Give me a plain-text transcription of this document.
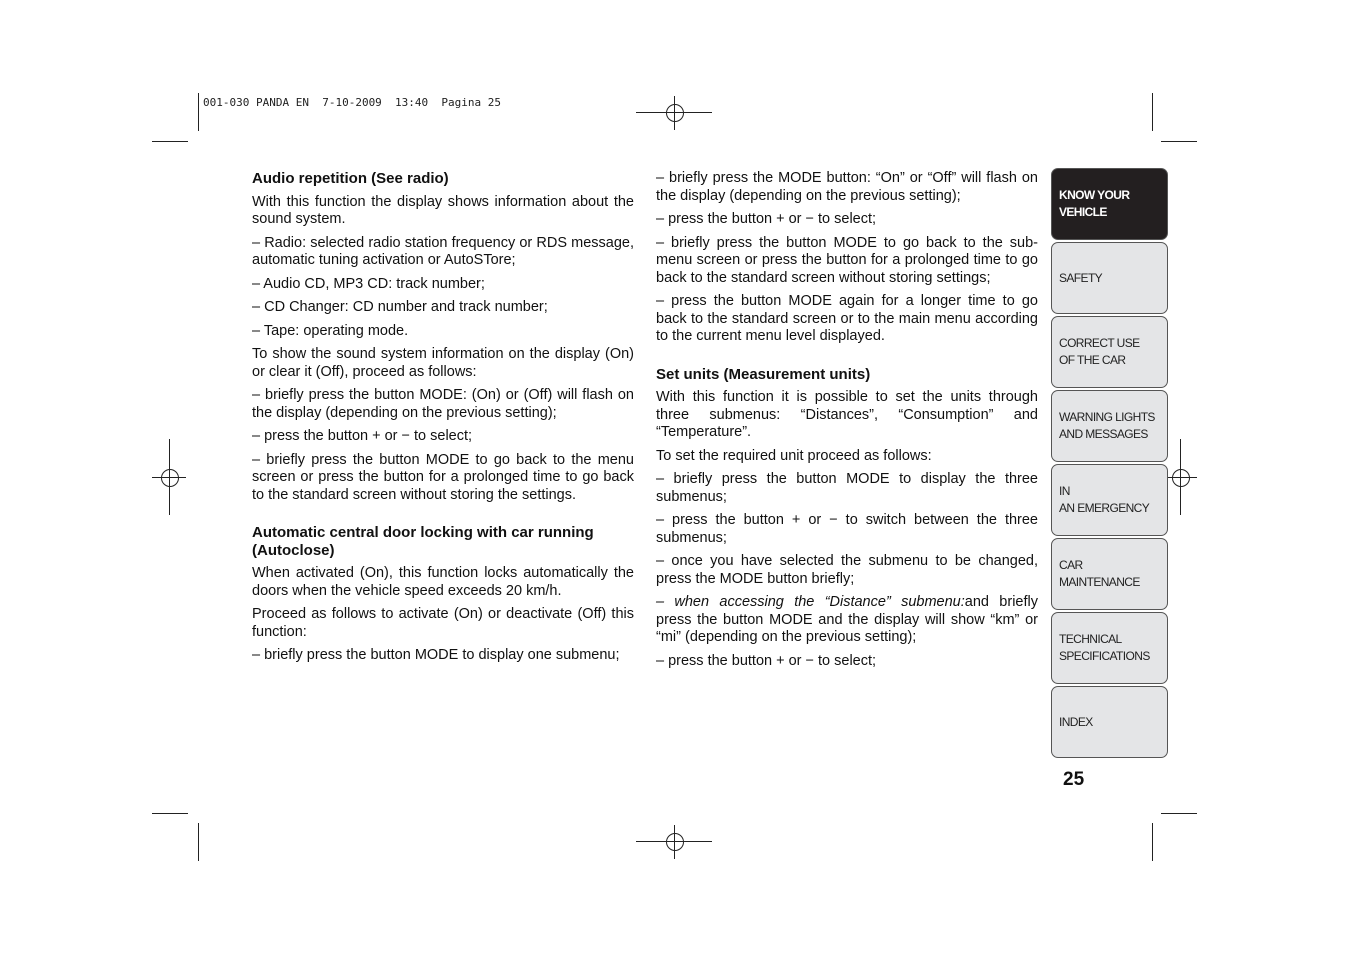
001-030 PANDA EN  7-10-2009  13:40  Pagina 25
Audio repetition (See radio)

With this function the display shows information about the sound system.

– Radio: selected radio station frequency or RDS message, automatic tuning activation or AutoSTore;

– Audio CD, MP3 CD: track number;

– CD Changer: CD number and track number;

– Tape: operating mode.

To show the sound system information on the display (On) or clear it (Off), proceed as follows:

– briefly press the button MODE: (On) or (Off) will flash on the display (depending on the previous setting);

– press the button + or − to select;

– briefly press the button MODE to go back to the menu screen or press the button for a prolonged time to go back to the standard screen without storing the settings.

Automatic central door locking with car running (Autoclose)

When activated (On), this function locks automatically the doors when the vehicle speed exceeds 20 km/h.

Proceed as follows to activate (On) or deactivate (Off) this function:

– briefly press the button MODE to display one submenu;

– briefly press the MODE button: “On” or “Off” will flash on the display (depending on the previous setting);

– press the button + or − to select;

– briefly press the button MODE to go back to the sub-menu screen or press the button for a prolonged time to go back to the standard screen without storing settings;

– press the button MODE again for a longer time to go back to the standard screen or to the main menu according to the current menu level displayed.

Set units (Measurement units)

With this function it is possible to set the units through three submenus: “Distances”, “Consumption” and “Temperature”.

To set the required unit proceed as follows:

– briefly press the button MODE to display the three submenus;

– press the button + or − to switch between the three submenus;

– once you have selected the submenu to be changed, press the MODE button briefly;

– when accessing the “Distance” submenu:and briefly press the button MODE and the display will show “km” or “mi” (depending on the previous setting);

– press the button + or − to select;

KNOW YOUR
VEHICLE
SAFETY
CORRECT USE
OF THE CAR
WARNING LIGHTS
AND MESSAGES
IN
AN EMERGENCY
CAR
MAINTENANCE
TECHNICAL
SPECIFICATIONS
INDEX
25
